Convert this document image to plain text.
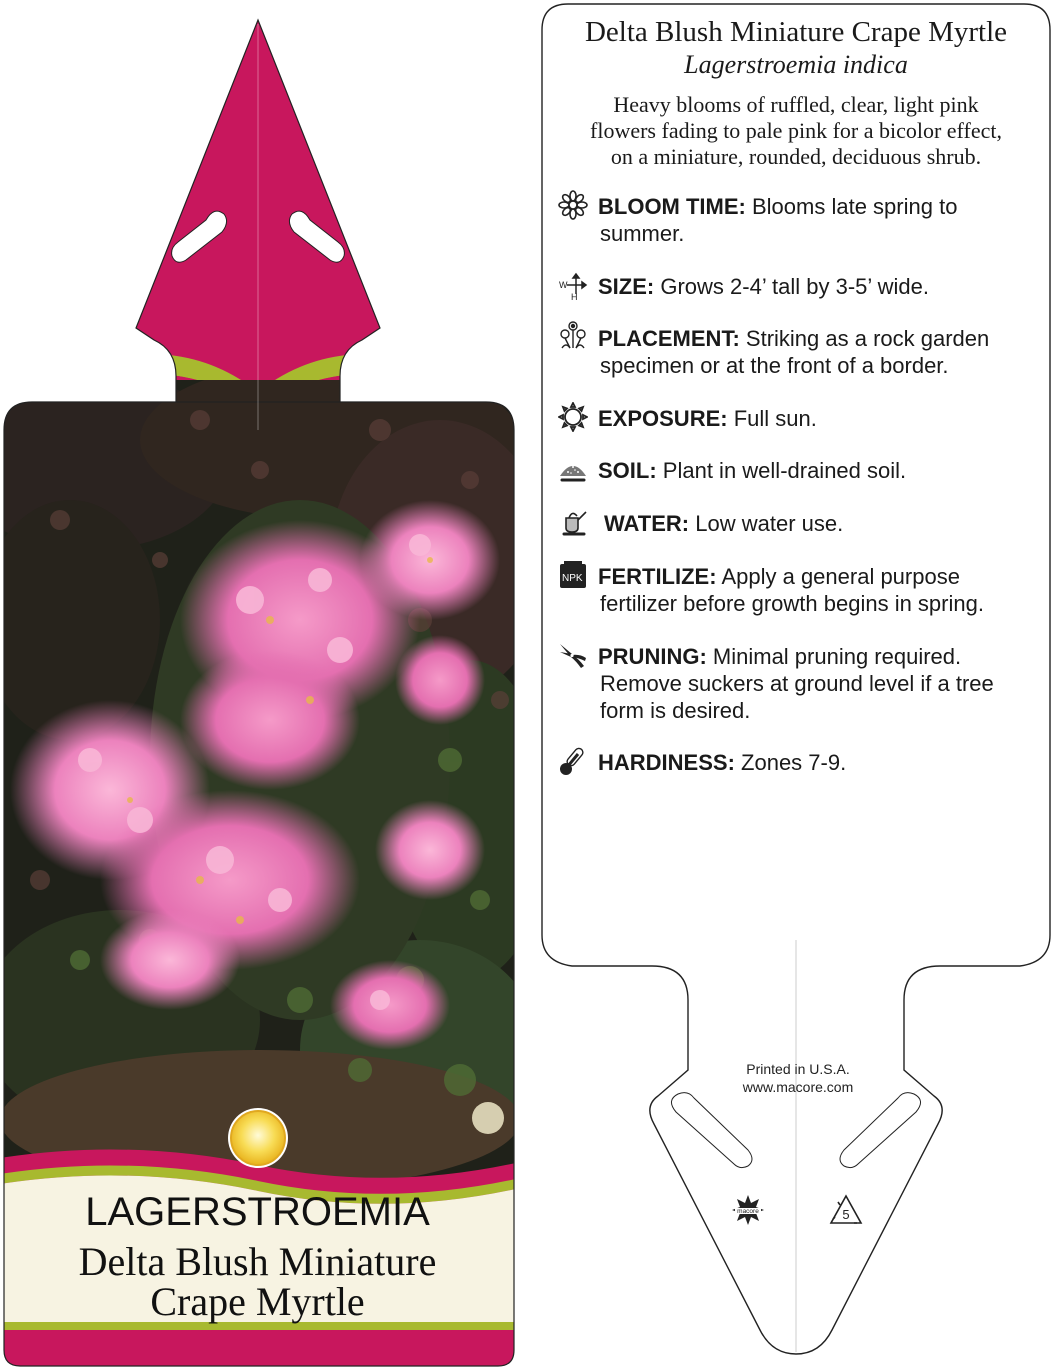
LAGERSTROEMIA
Delta Blush Miniature
Crape Myrtle
Delta Blush Miniature Crape Myrtle
Lagerstroemia indica
Heavy blooms of ruffled, clear, light pink
flowers fading to pale pink for a bicolor effect,
on a miniature, rounded, deciduous shrub.
W
H
NPK
BLOOM TIME: Blooms late spring to
summer.
SIZE: Grows 2-4’ tall by 3-5’ wide.
PLACEMENT: Striking as a rock garden
specimen or at the front of a border.
EXPOSURE: Full sun.
SOIL: Plant in well-drained soil.
WATER: Low water use.
FERTILIZE: Apply a general purpose
fertilizer before growth begins in spring.
PRUNING: Minimal pruning required.
Remove suckers at ground level if a tree
form is desired.
HARDINESS: Zones 7-9.
Printed in U.S.A.
www.macore.com
macore	5
